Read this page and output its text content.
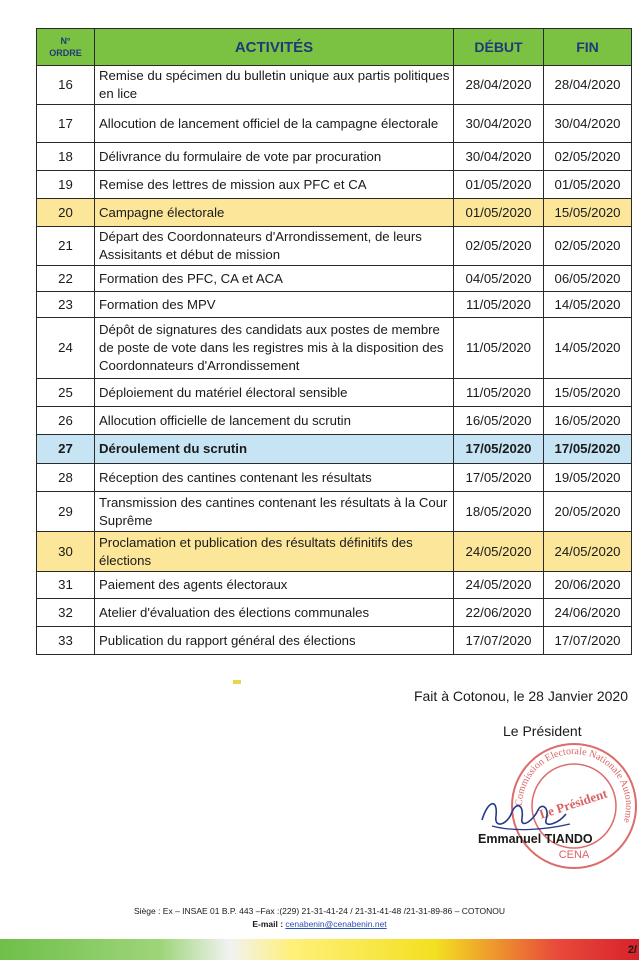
N°
ORDRE	ACTIVITÉS	DÉBUT	FIN
16	Remise du spécimen du bulletin unique aux partis politiques en lice	28/04/2020	28/04/2020
17	Allocution de lancement officiel de la campagne électorale	30/04/2020	30/04/2020
18	Délivrance du formulaire de vote par procuration	30/04/2020	02/05/2020
19	Remise des lettres de mission aux PFC et CA	01/05/2020	01/05/2020
20	Campagne électorale	01/05/2020	15/05/2020
21	Départ des Coordonnateurs d'Arrondissement, de leurs Assisitants et début de mission	02/05/2020	02/05/2020
22	Formation des PFC, CA et ACA	04/05/2020	06/05/2020
23	Formation des MPV	11/05/2020	14/05/2020
24	Dépôt de signatures des candidats aux postes de membre de poste de vote dans les registres mis à la disposition des Coordonnateurs d'Arrondissement	11/05/2020	14/05/2020
25	Déploiement du matériel électoral sensible	11/05/2020	15/05/2020
26	Allocution officielle de lancement du scrutin	16/05/2020	16/05/2020
27	Déroulement du scrutin	17/05/2020	17/05/2020
28	Réception des cantines contenant les résultats	17/05/2020	19/05/2020
29	Transmission des cantines contenant les résultats à la Cour Suprême	18/05/2020	20/05/2020
30	Proclamation et publication des résultats définitifs des élections	24/05/2020	24/05/2020
31	Paiement des agents électoraux	24/05/2020	20/06/2020
32	Atelier d'évaluation des élections communales	22/06/2020	24/06/2020
33	Publication du rapport général des élections	17/07/2020	17/07/2020
Fait à Cotonou, le 28 Janvier 2020
Le Président
Commission Electorale Nationale Autonome
Le Président
CENA
Emmanuel TIANDO
Siège : Ex – INSAE 01 B.P. 443 –Fax :(229) 21-31-41-24 / 21-31-41-48 /21-31-89-86 – COTONOU
E-mail : cenabenin@cenabenin.net
2/
